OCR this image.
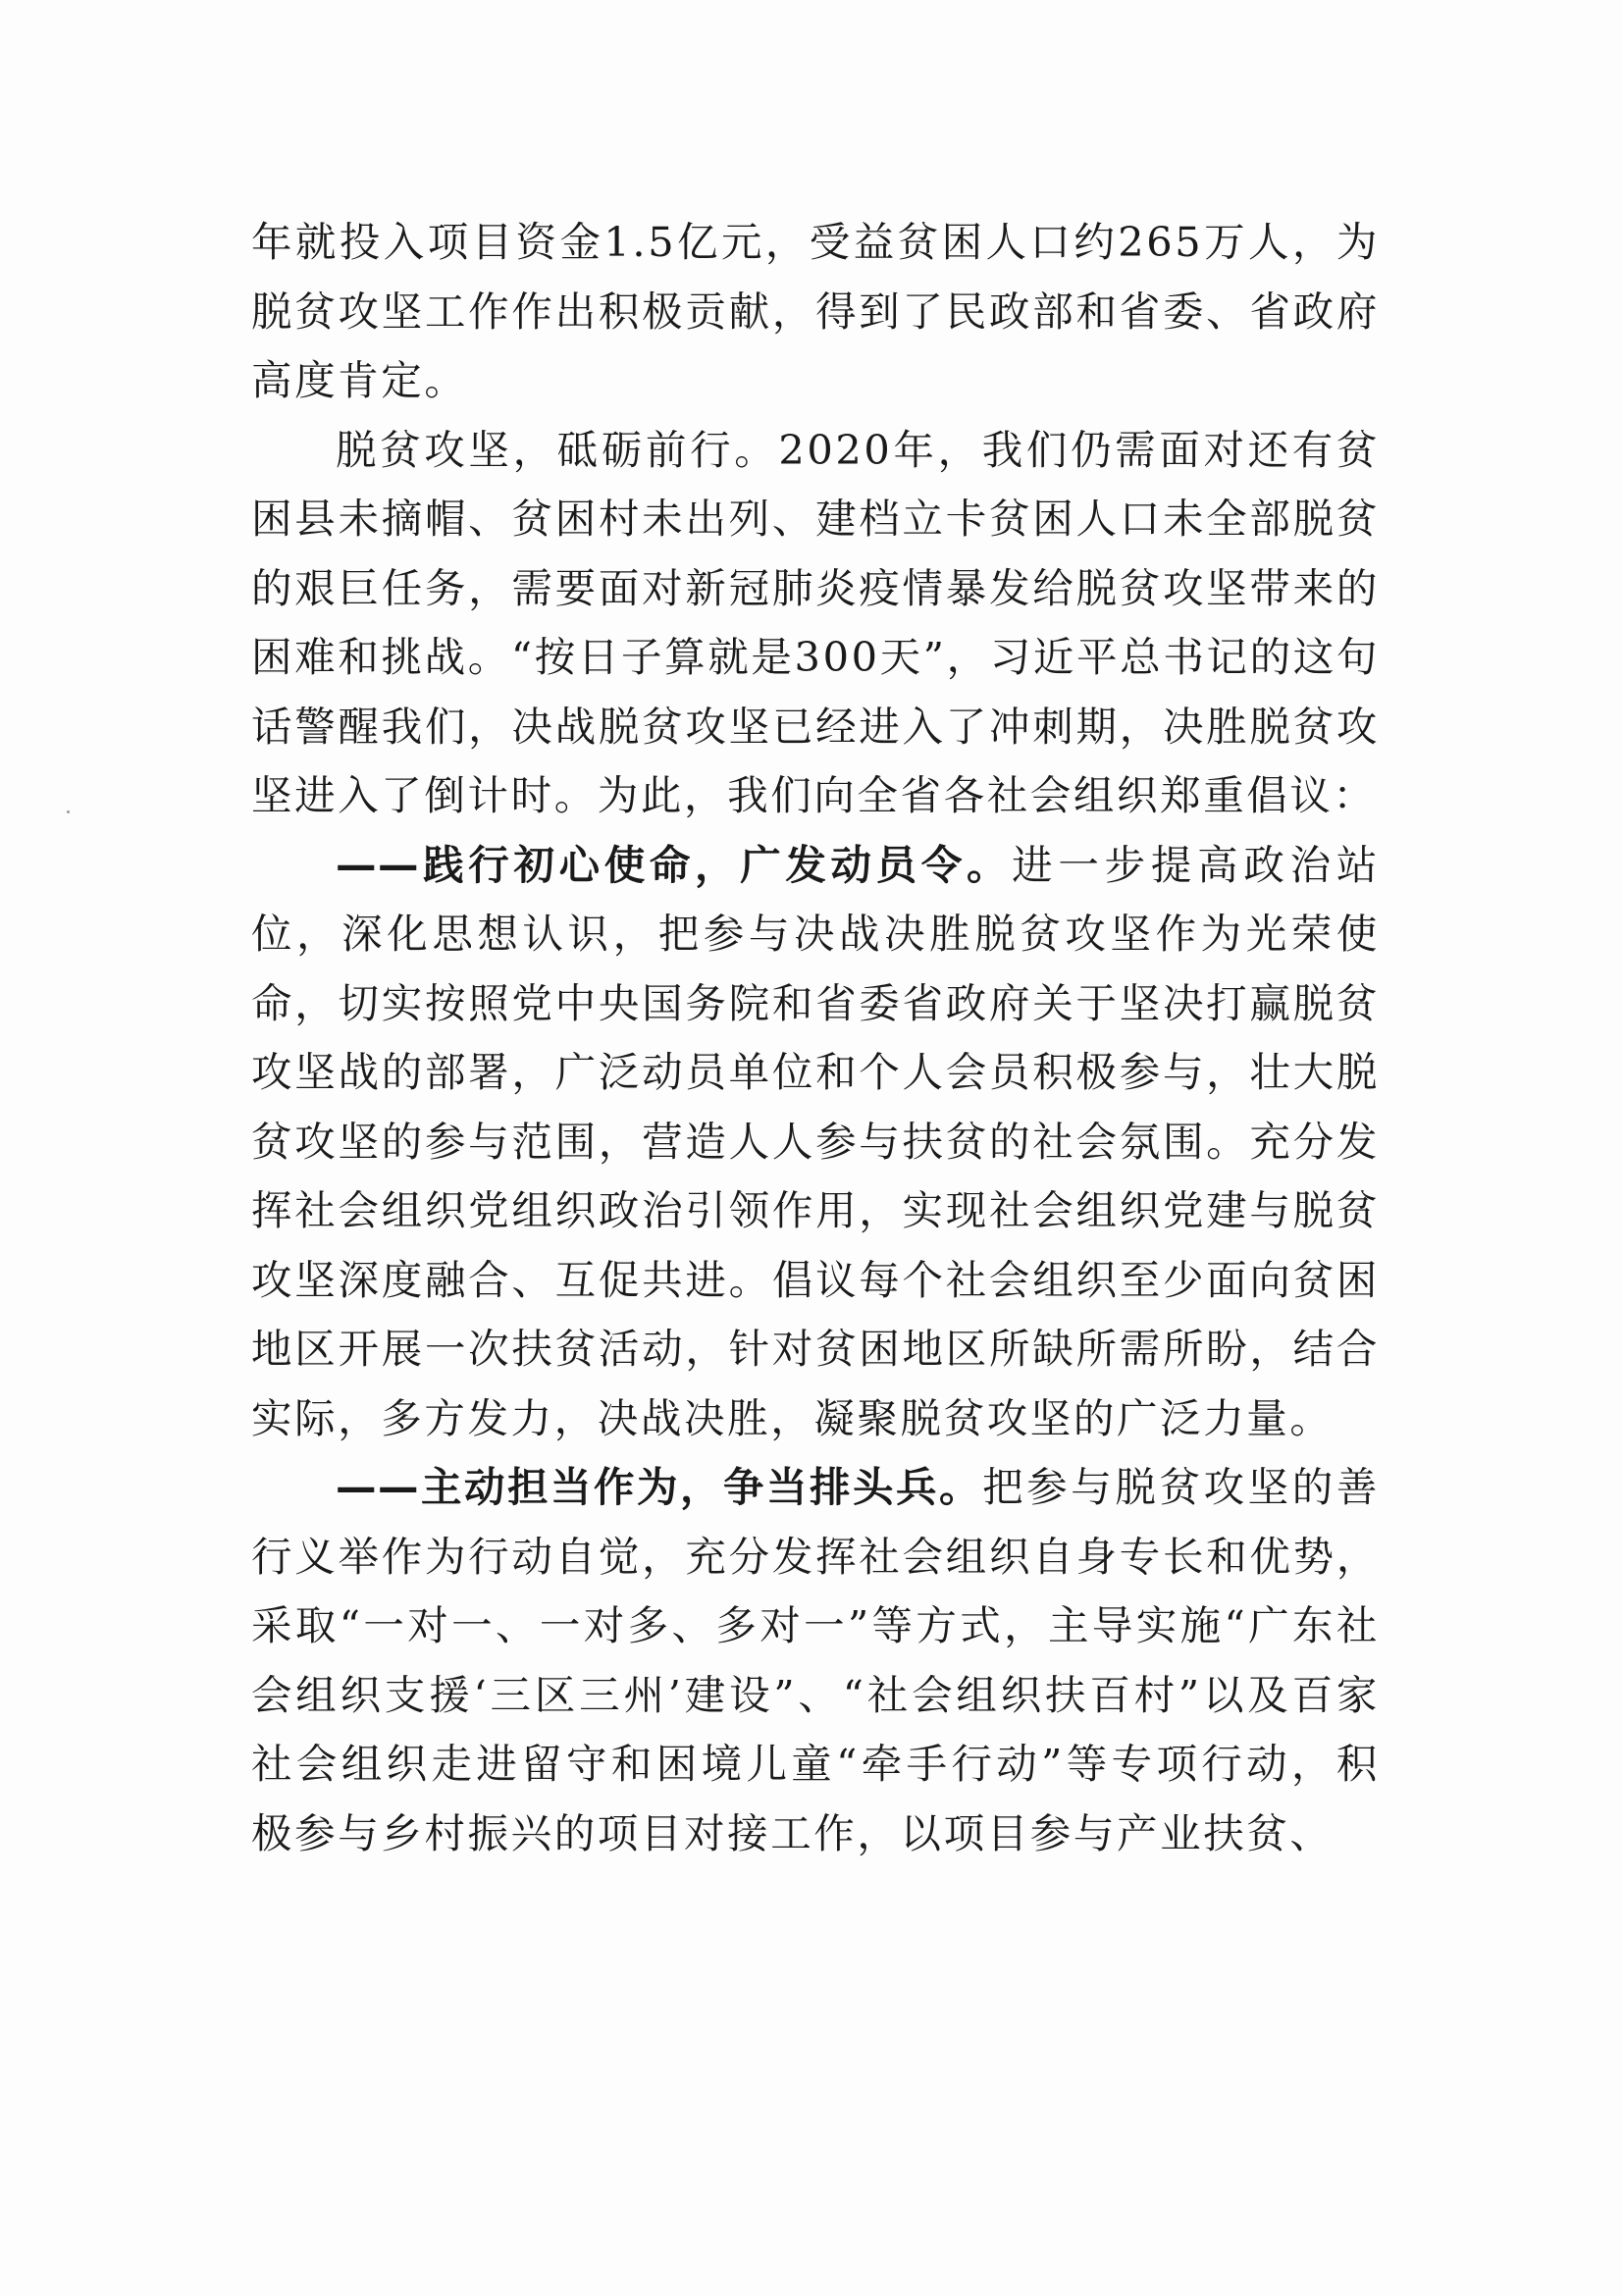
年就投入项目资金1.5亿元，受益贫困人口约265万人，为脱贫攻坚工作作出积极贡献，得到了民政部和省委、省政府高度肯定。

脱贫攻坚，砥砺前行。2020年，我们仍需面对还有贫困县未摘帽、贫困村未出列、建档立卡贫困人口未全部脱贫的艰巨任务，需要面对新冠肺炎疫情暴发给脱贫攻坚带来的困难和挑战。“按日子算就是300天”，习近平总书记的这句话警醒我们，决战脱贫攻坚已经进入了冲刺期，决胜脱贫攻坚进入了倒计时。为此，我们向全省各社会组织郑重倡议：

——践行初心使命，广发动员令。进一步提高政治站位，深化思想认识，把参与决战决胜脱贫攻坚作为光荣使命，切实按照党中央国务院和省委省政府关于坚决打赢脱贫攻坚战的部署，广泛动员单位和个人会员积极参与，壮大脱贫攻坚的参与范围，营造人人参与扶贫的社会氛围。充分发挥社会组织党组织政治引领作用，实现社会组织党建与脱贫攻坚深度融合、互促共进。倡议每个社会组织至少面向贫困地区开展一次扶贫活动，针对贫困地区所缺所需所盼，结合实际，多方发力，决战决胜，凝聚脱贫攻坚的广泛力量。

——主动担当作为，争当排头兵。把参与脱贫攻坚的善行义举作为行动自觉，充分发挥社会组织自身专长和优势，采取“一对一、一对多、多对一”等方式，主导实施“广东社会组织支援‘三区三州’建设”、“社会组织扶百村”以及百家社会组织走进留守和困境儿童“牵手行动”等专项行动，积极参与乡村振兴的项目对接工作，以项目参与产业扶贫、
